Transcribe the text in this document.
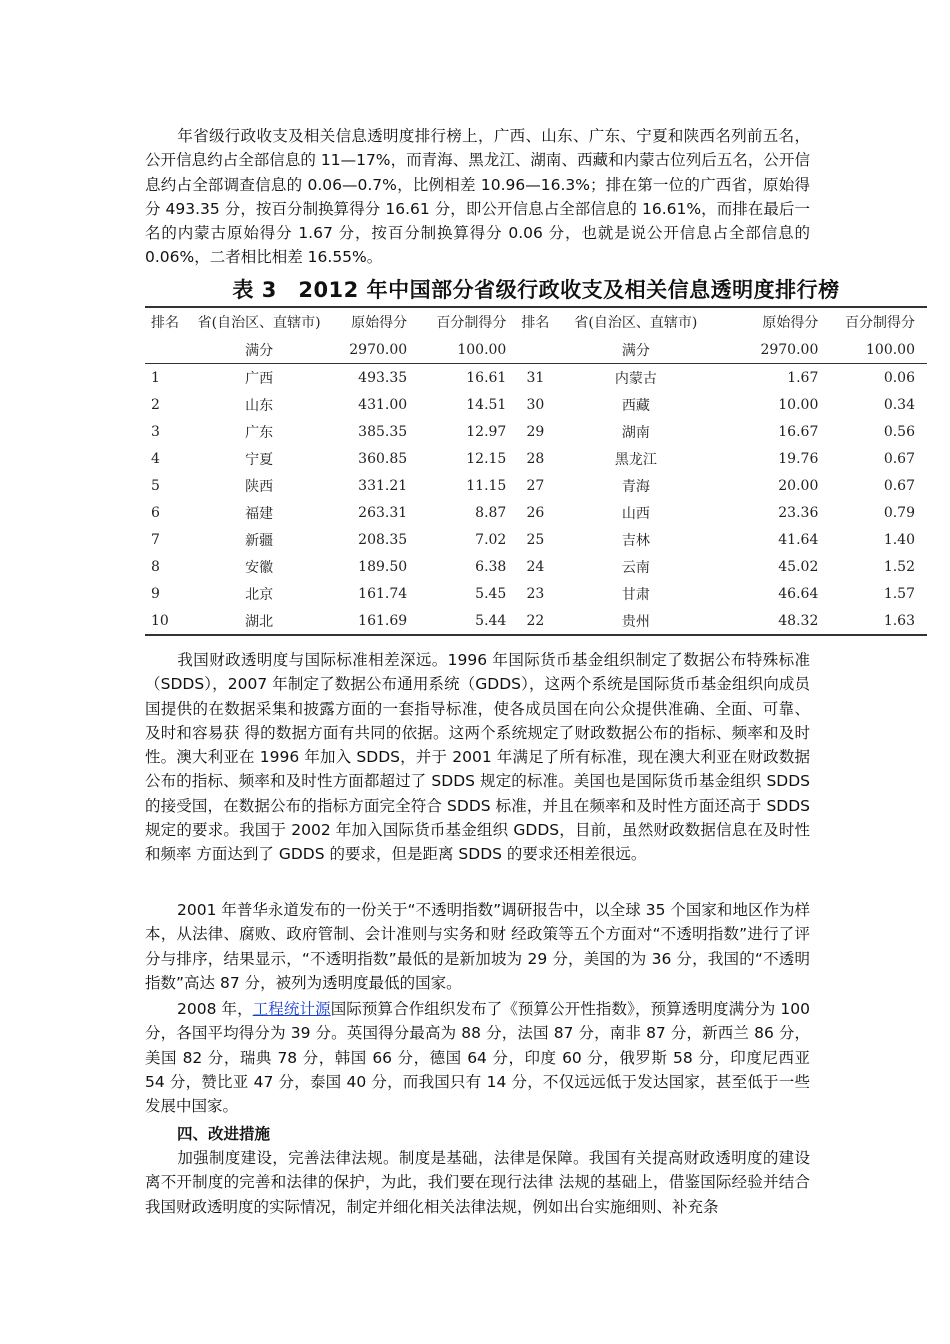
年省级行政收支及相关信息透明度排行榜上，广西、山东、广东、宁夏和陕西名列前五名，公开信息约占全部信息的 11—17%，而青海、黑龙江、湖南、西藏和内蒙古位列后五名，公开信息约占全部调查信息的 0.06—0.7%，比例相差 10.96—16.3%；排在第一位的广西省，原始得分 493.35 分，按百分制换算得分 16.61 分，即公开信息占全部信息的 16.61%，而排在最后一名的内蒙古原始得分 1.67 分，按百分制换算得分 0.06 分，也就是说公开信息占全部信息的 0.06%，二者相比相差 16.55%。
表 3　2012 年中国部分省级行政收支及相关信息透明度排行榜
排名	省(自治区、直辖市)	原始得分	百分制得分	排名	省(自治区、直辖市)	原始得分	百分制得分
	满分	2970.00	100.00		满分	2970.00	100.00
1	广西	493.35	16.61	31	内蒙古	1.67	0.06
2	山东	431.00	14.51	30	西藏	10.00	0.34
3	广东	385.35	12.97	29	湖南	16.67	0.56
4	宁夏	360.85	12.15	28	黑龙江	19.76	0.67
5	陕西	331.21	11.15	27	青海	20.00	0.67
6	福建	263.31	8.87	26	山西	23.36	0.79
7	新疆	208.35	7.02	25	吉林	41.64	1.40
8	安徽	189.50	6.38	24	云南	45.02	1.52
9	北京	161.74	5.45	23	甘肃	46.64	1.57
10	湖北	161.69	5.44	22	贵州	48.32	1.63
我国财政透明度与国际标准相差深远。1996 年国际货币基金组织制定了数据公布特殊标准（SDDS），2007 年制定了数据公布通用系统（GDDS），这两个系统是国际货币基金组织向成员国提供的在数据采集和披露方面的一套指导标准，使各成员国在向公众提供准确、全面、可靠、及时和容易获 得的数据方面有共同的依据。这两个系统规定了财政数据公布的指标、频率和及时性。澳大利亚在 1996 年加入 SDDS，并于 2001 年满足了所有标准，现在澳大利亚在财政数据公布的指标、频率和及时性方面都超过了 SDDS 规定的标准。美国也是国际货币基金组织 SDDS 的接受国，在数据公布的指标方面完全符合 SDDS 标准，并且在频率和及时性方面还高于 SDDS 规定的要求。我国于 2002 年加入国际货币基金组织 GDDS，目前，虽然财政数据信息在及时性和频率 方面达到了 GDDS 的要求，但是距离 SDDS 的要求还相差很远。
2001 年普华永道发布的一份关于“不透明指数”调研报告中，以全球 35 个国家和地区作为样本，从法律、腐败、政府管制、会计准则与实务和财 经政策等五个方面对“不透明指数”进行了评分与排序，结果显示，“不透明指数”最低的是新加坡为 29 分，美国的为 36 分，我国的“不透明指数”高达 87 分，被列为透明度最低的国家。
2008 年，工程统计源国际预算合作组织发布了《预算公开性指数》，预算透明度满分为 100 分，各国平均得分为 39 分。英国得分最高为 88 分，法国 87 分，南非 87 分，新西兰 86 分，美国 82 分，瑞典 78 分，韩国 66 分，德国 64 分，印度 60 分，俄罗斯 58 分，印度尼西亚 54 分，赞比亚 47 分，泰国 40 分，而我国只有 14 分，不仅远远低于发达国家，甚至低于一些发展中国家。
四、改进措施
加强制度建设，完善法律法规。制度是基础，法律是保障。我国有关提高财政透明度的建设离不开制度的完善和法律的保护，为此，我们要在现行法律 法规的基础上，借鉴国际经验并结合我国财政透明度的实际情况，制定并细化相关法律法规，例如出台实施细则、补充条
